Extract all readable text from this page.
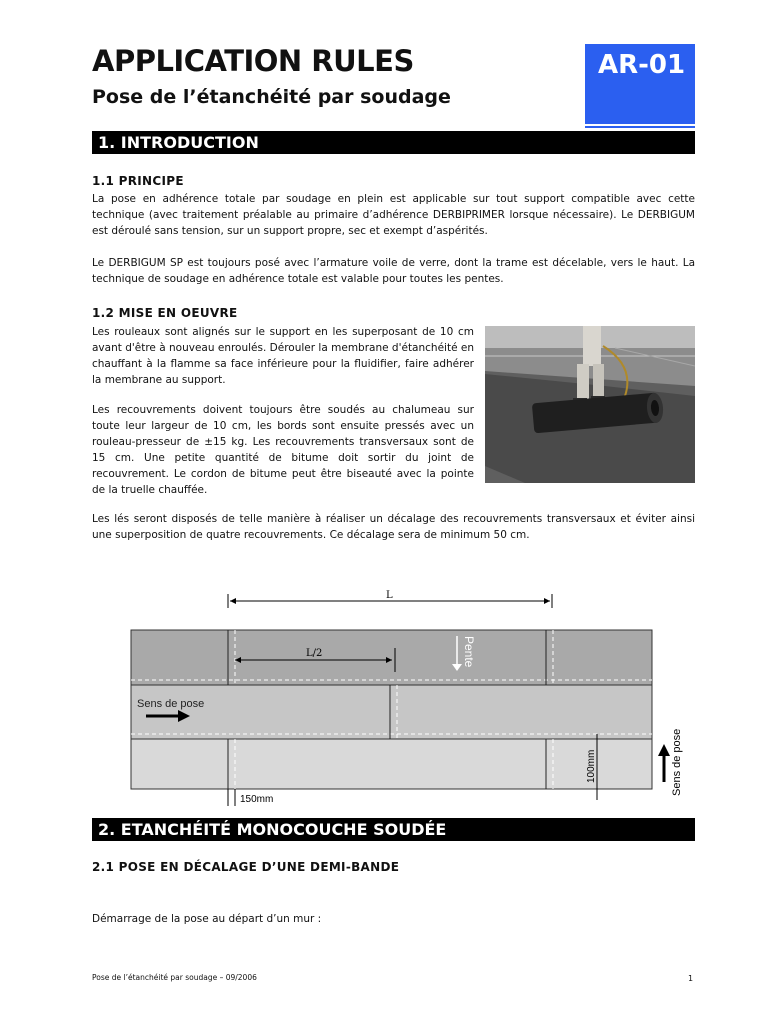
APPLICATION RULES
Pose de l’étanchéité par soudage
AR-01
1. INTRODUCTION
1.1 PRINCIPE

La pose en adhérence totale par soudage en plein est applicable sur tout support compatible avec cette technique (avec traitement préalable au primaire d’adhérence DERBIPRIMER lorsque nécessaire). Le DERBIGUM est déroulé sans tension, sur un support propre, sec et exempt d’aspérités.

Le DERBIGUM SP est toujours posé avec l’armature voile de verre, dont la trame est décelable, vers le haut. La technique de soudage en adhérence totale est valable pour toutes les pentes.

1.2 MISE EN OEUVRE

Les rouleaux sont alignés sur le support en les superposant de 10 cm avant d'être à nouveau enroulés. Dérouler la membrane d'étanchéité en chauffant à la flamme sa face inférieure pour la fluidifier, faire adhérer la membrane au support.

Les recouvrements doivent toujours être soudés au chalumeau sur toute leur largeur de 10 cm, les bords sont ensuite pressés avec un rouleau-presseur de ±15 kg. Les recouvrements transversaux sont de 15 cm. Une petite quantité de bitume doit sortir du joint de recouvrement. Le cordon de bitume peut être biseauté avec la pointe de la truelle chauffée.

Les lés seront disposés de telle manière à réaliser un décalage des recouvrements transversaux et éviter ainsi une superposition de quatre recouvrements. Ce décalage sera de minimum 50 cm.

L
L/2	Pente
Sens de pose
100mm
150mm
Sens de pose
2. ETANCHÉITÉ MONOCOUCHE SOUDÉE
2.1 POSE EN DÉCALAGE D’UNE DEMI-BANDE

Démarrage de la pose au départ d’un mur :

Pose de l’étanchéité par soudage – 09/2006	1
